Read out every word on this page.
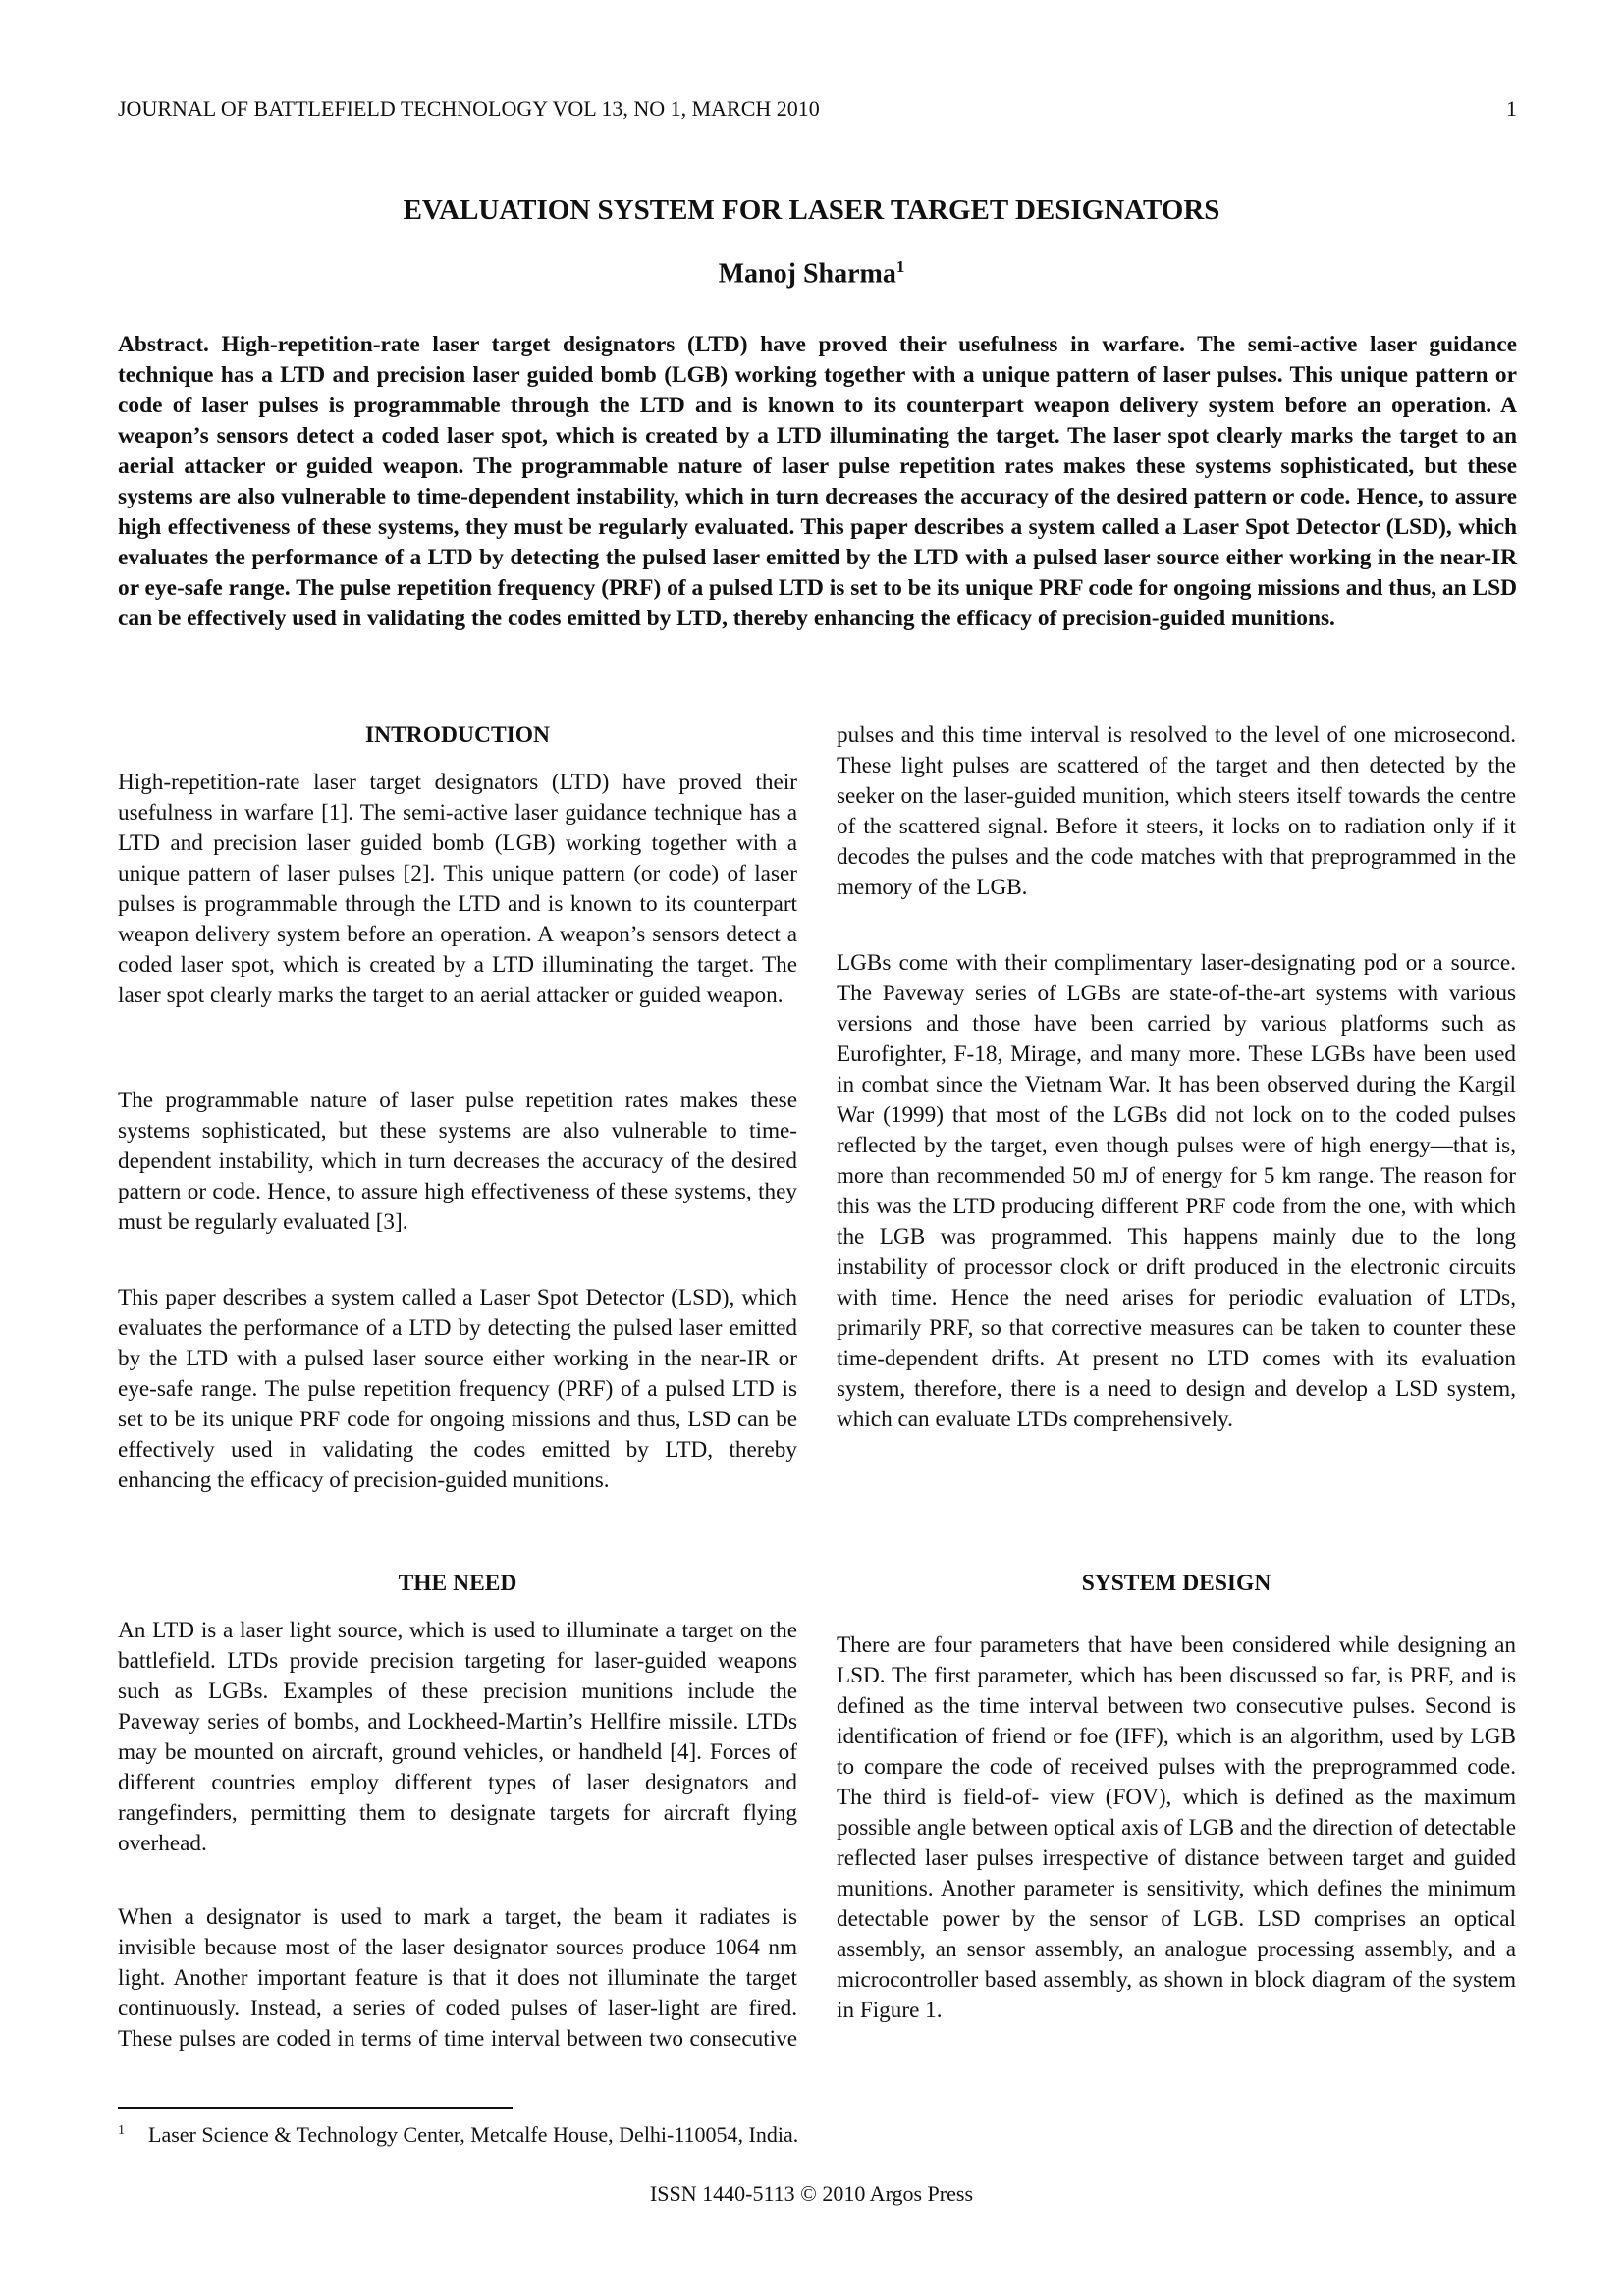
JOURNAL OF BATTLEFIELD TECHNOLOGY VOL 13, NO 1, MARCH 2010	1
EVALUATION SYSTEM FOR LASER TARGET DESIGNATORS
Manoj Sharma$^1$

Abstract. High-repetition-rate laser target designators (LTD) have proved their usefulness in warfare. The semi-active laser guidance technique has a LTD and precision laser guided bomb (LGB) working together with a unique pattern of laser pulses. This unique pattern or code of laser pulses is programmable through the LTD and is known to its counterpart weapon delivery system before an operation. A weapon’s sensors detect a coded laser spot, which is created by a LTD illuminating the target. The laser spot clearly marks the target to an aerial attacker or guided weapon. The programmable nature of laser pulse repetition rates makes these systems sophisticated, but these systems are also vulnerable to time-dependent instability, which in turn decreases the accuracy of the desired pattern or code. Hence, to assure high effectiveness of these systems, they must be regularly evaluated. This paper describes a system called a Laser Spot Detector (LSD), which evaluates the performance of a LTD by detecting the pulsed laser emitted by the LTD with a pulsed laser source either working in the near-IR or eye-safe range. The pulse repetition frequency (PRF) of a pulsed LTD is set to be its unique PRF code for ongoing missions and thus, an LSD can be effectively used in validating the codes emitted by LTD, thereby enhancing the efficacy of precision-guided munitions.

INTRODUCTION

High-repetition-rate laser target designators (LTD) have proved their usefulness in warfare [1]. The semi-active laser guidance technique has a LTD and precision laser guided bomb (LGB) working together with a unique pattern of laser pulses [2]. This unique pattern (or code) of laser pulses is programmable through the LTD and is known to its counterpart weapon delivery system before an operation. A weapon’s sensors detect a coded laser spot, which is created by a LTD illuminating the target. The laser spot clearly marks the target to an aerial attacker or guided weapon.

The programmable nature of laser pulse repetition rates makes these systems sophisticated, but these systems are also vulnerable to time-dependent instability, which in turn decreases the accuracy of the desired pattern or code. Hence, to assure high effectiveness of these systems, they must be regularly evaluated [3].

This paper describes a system called a Laser Spot Detector (LSD), which evaluates the performance of a LTD by detecting the pulsed laser emitted by the LTD with a pulsed laser source either working in the near-IR or eye-safe range. The pulse repetition frequency (PRF) of a pulsed LTD is set to be its unique PRF code for ongoing missions and thus, LSD can be effectively used in validating the codes emitted by LTD, thereby enhancing the efficacy of precision-guided munitions.

THE NEED

An LTD is a laser light source, which is used to illuminate a target on the battlefield. LTDs provide precision targeting for laser-guided weapons such as LGBs. Examples of these precision munitions include the Paveway series of bombs, and Lockheed-Martin’s Hellfire missile. LTDs may be mounted on aircraft, ground vehicles, or handheld [4]. Forces of different countries employ different types of laser designators and rangefinders, permitting them to designate targets for aircraft flying overhead.

When a designator is used to mark a target, the beam it radiates is invisible because most of the laser designator sources produce 1064 nm light. Another important feature is that it does not illuminate the target continuously. Instead, a series of coded pulses of laser-light are fired. These pulses are coded in terms of time interval between two consecutive

pulses and this time interval is resolved to the level of one microsecond. These light pulses are scattered of the target and then detected by the seeker on the laser-guided munition, which steers itself towards the centre of the scattered signal. Before it steers, it locks on to radiation only if it decodes the pulses and the code matches with that preprogrammed in the memory of the LGB.

LGBs come with their complimentary laser-designating pod or a source. The Paveway series of LGBs are state-of-the-art systems with various versions and those have been carried by various platforms such as Eurofighter, F-18, Mirage, and many more. These LGBs have been used in combat since the Vietnam War. It has been observed during the Kargil War (1999) that most of the LGBs did not lock on to the coded pulses reflected by the target, even though pulses were of high energy—that is, more than recommended 50 mJ of energy for 5 km range. The reason for this was the LTD producing different PRF code from the one, with which the LGB was programmed. This happens mainly due to the long instability of processor clock or drift produced in the electronic circuits with time. Hence the need arises for periodic evaluation of LTDs, primarily PRF, so that corrective measures can be taken to counter these time-dependent drifts. At present no LTD comes with its evaluation system, therefore, there is a need to design and develop a LSD system, which can evaluate LTDs comprehensively.

SYSTEM DESIGN

There are four parameters that have been considered while designing an LSD. The first parameter, which has been discussed so far, is PRF, and is defined as the time interval between two consecutive pulses. Second is identification of friend or foe (IFF), which is an algorithm, used by LGB to compare the code of received pulses with the preprogrammed code. The third is field-of- view (FOV), which is defined as the maximum possible angle between optical axis of LGB and the direction of detectable reflected laser pulses irrespective of distance between target and guided munitions. Another parameter is sensitivity, which defines the minimum detectable power by the sensor of LGB. LSD comprises an optical assembly, an sensor assembly, an analogue processing assembly, and a microcontroller based assembly, as shown in block diagram of the system in Figure 1.

$^1$ Laser Science & Technology Center, Metcalfe House, Delhi-110054, India.
ISSN 1440-5113 © 2010 Argos Press
